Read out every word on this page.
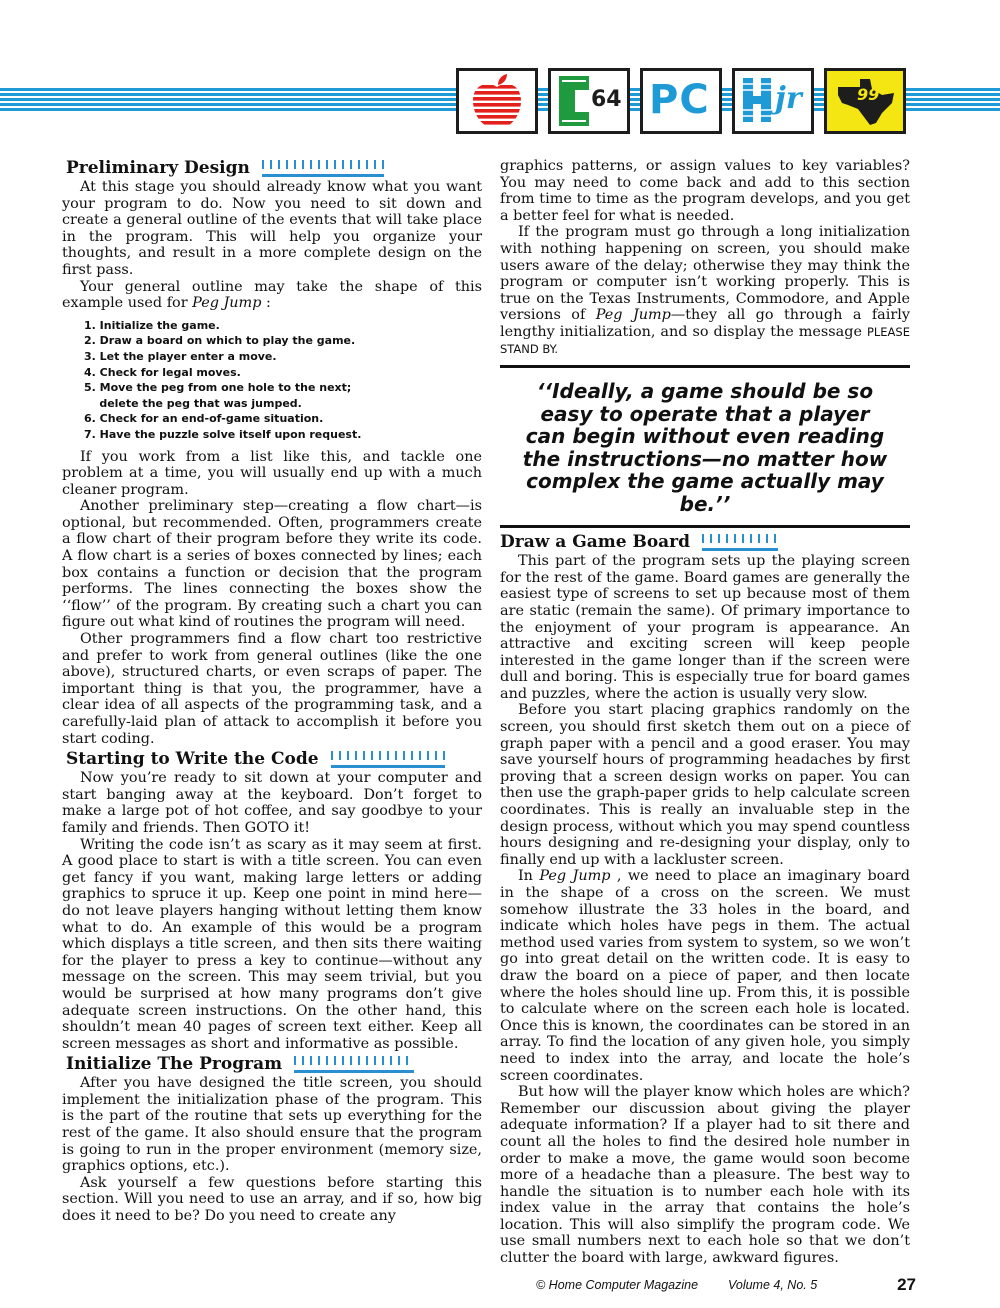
64 PC jr	99
Preliminary Design

At this stage you should already know what you want your program to do. Now you need to sit down and create a general outline of the events that will take place in the program. This will help you organize your thoughts, and result in a more complete design on the first pass.

Your general outline may take the shape of this example used for Peg Jump :

1. Initialize the game.
2. Draw a board on which to play the game.
3. Let the player enter a move.
4. Check for legal moves.
5. Move the peg from one hole to the next;
delete the peg that was jumped.
6. Check for an end-of-game situation.
7. Have the puzzle solve itself upon request.

If you work from a list like this, and tackle one problem at a time, you will usually end up with a much cleaner program.

Another preliminary step—creating a flow chart—is optional, but recommended. Often, programmers create a flow chart of their program before they write its code. A flow chart is a series of boxes connected by lines; each box contains a function or decision that the program performs. The lines connecting the boxes show the ‘‘flow’’ of the program. By creating such a chart you can figure out what kind of routines the program will need.

Other programmers find a flow chart too restrictive and prefer to work from general outlines (like the one above), structured charts, or even scraps of paper. The important thing is that you, the programmer, have a clear idea of all aspects of the programming task, and a carefully-laid plan of attack to accomplish it before you start coding.

Starting to Write the Code

Now you’re ready to sit down at your computer and start banging away at the keyboard. Don’t forget to make a large pot of hot coffee, and say goodbye to your family and friends. Then GOTO it!

Writing the code isn’t as scary as it may seem at first. A good place to start is with a title screen. You can even get fancy if you want, making large letters or adding graphics to spruce it up. Keep one point in mind here—do not leave players hanging without letting them know what to do. An example of this would be a program which displays a title screen, and then sits there waiting for the player to press a key to continue—without any message on the screen. This may seem trivial, but you would be surprised at how many programs don’t give adequate screen instructions. On the other hand, this shouldn’t mean 40 pages of screen text either. Keep all screen messages as short and informative as possible.

Initialize The Program

After you have designed the title screen, you should implement the initialization phase of the program. This is the part of the routine that sets up everything for the rest of the game. It also should ensure that the program is going to run in the proper environment (memory size, graphics options, etc.).

Ask yourself a few questions before starting this section. Will you need to use an array, and if so, how big does it need to be? Do you need to create any

graphics patterns, or assign values to key variables? You may need to come back and add to this section from time to time as the program develops, and you get a better feel for what is needed.

If the program must go through a long initialization with nothing happening on screen, you should make users aware of the delay; otherwise they may think the program or computer isn’t working properly. This is true on the Texas Instruments, Commodore, and Apple versions of Peg Jump—they all go through a fairly lengthy initialization, and so display the message PLEASE STAND BY.

‘‘Ideally, a game should be so
easy to operate that a player
can begin without even reading
the instructions—no matter how
complex the game actually may be.’’
Draw a Game Board

This part of the program sets up the playing screen for the rest of the game. Board games are generally the easiest type of screens to set up because most of them are static (remain the same). Of primary importance to the enjoyment of your program is appearance. An attractive and exciting screen will keep people interested in the game longer than if the screen were dull and boring. This is especially true for board games and puzzles, where the action is usually very slow.

Before you start placing graphics randomly on the screen, you should first sketch them out on a piece of graph paper with a pencil and a good eraser. You may save yourself hours of programming headaches by first proving that a screen design works on paper. You can then use the graph-paper grids to help calculate screen coordinates. This is really an invaluable step in the design process, without which you may spend countless hours designing and re-designing your display, only to finally end up with a lackluster screen.

In Peg Jump , we need to place an imaginary board in the shape of a cross on the screen. We must somehow illustrate the 33 holes in the board, and indicate which holes have pegs in them. The actual method used varies from system to system, so we won’t go into great detail on the written code. It is easy to draw the board on a piece of paper, and then locate where the holes should line up. From this, it is possible to calculate where on the screen each hole is located. Once this is known, the coordinates can be stored in an array. To find the location of any given hole, you simply need to index into the array, and locate the hole’s screen coordinates.

But how will the player know which holes are which? Remember our discussion about giving the player adequate information? If a player had to sit there and count all the holes to find the desired hole number in order to make a move, the game would soon become more of a headache than a pleasure. The best way to handle the situation is to number each hole with its index value in the array that contains the hole’s location. This will also simplify the program code. We use small numbers next to each hole so that we don’t clutter the board with large, awkward figures.

© Home Computer Magazine Volume 4, No. 5	27
